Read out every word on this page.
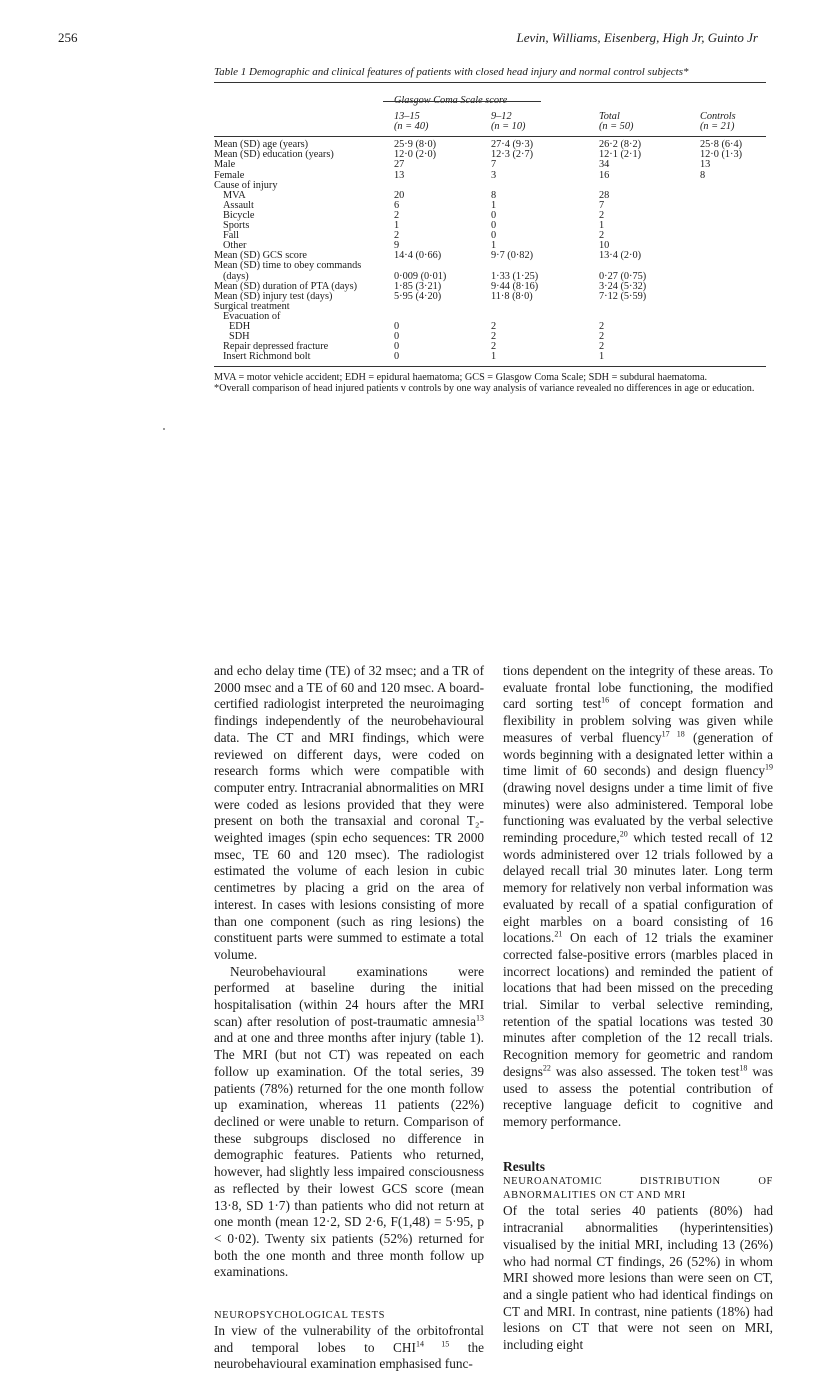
256	Levin, Williams, Eisenberg, High Jr, Guinto Jr
Table 1 Demographic and clinical features of patients with closed head injury and normal control subjects*

	13–15	9–12	Total	Controls
	(n = 40)	(n = 10)	(n = 50)	(n = 21)

Mean (SD) age (years)	25·9 (8·0)	27·4 (9·3)	26·2 (8·2)	25·8 (6·4)
Mean (SD) education (years)	12·0 (2·0)	12·3 (2·7)	12·1 (2·1)	12·0 (1·3)
Male	27	7	34	13
Female	13	3	16	8
Cause of injury				
MVA	20	8	28	
Assault	6	1	7	
Bicycle	2	0	2	
Sports	1	0	1	
Fall	2	0	2	
Other	9	1	10	
Mean (SD) GCS score	14·4 (0·66)	9·7 (0·82)	13·4 (2·0)	
Mean (SD) time to obey commands				
(days)	0·009 (0·01)	1·33 (1·25)	0·27 (0·75)	
Mean (SD) duration of PTA (days)	1·85 (3·21)	9·44 (8·16)	3·24 (5·32)	
Mean (SD) injury test (days)	5·95 (4·20)	11·8 (8·0)	7·12 (5·59)	
Surgical treatment				
Evacuation of				
EDH	0	2	2	
SDH	0	2	2	
Repair depressed fracture	0	2	2	
Insert Richmond bolt	0	1	1	
MVA = motor vehicle accident; EDH = epidural haematoma; GCS = Glasgow Coma Scale; SDH = subdural haematoma.
*Overall comparison of head injured patients v controls by one way analysis of variance revealed no differences in age or education.

and echo delay time (TE) of 32 msec; and a TR of 2000 msec and a TE of 60 and 120 msec. A board-certified radiologist interpreted the neuroimaging findings independently of the neurobehavioural data. The CT and MRI findings, which were reviewed on different days, were coded on research forms which were compatible with computer entry. Intracranial abnormalities on MRI were coded as lesions provided that they were present on both the transaxial and coronal T₂-weighted images (spin echo sequences: TR 2000 msec, TE 60 and 120 msec). The radiologist estimated the volume of each lesion in cubic centimetres by placing a grid on the area of interest. In cases with lesions consisting of more than one component (such as ring lesions) the constituent parts were summed to estimate a total volume.

Neurobehavioural examinations were performed at baseline during the initial hospitalisation (within 24 hours after the MRI scan) after resolution of post-traumatic amnesia$^{13}$ and at one and three months after injury (table 1). The MRI (but not CT) was repeated on each follow up examination. Of the total series, 39 patients (78%) returned for the one month follow up examination, whereas 11 patients (22%) declined or were unable to return. Comparison of these subgroups disclosed no difference in demographic features. Patients who returned, however, had slightly less impaired consciousness as reflected by their lowest GCS score (mean 13·8, SD 1·7) than patients who did not return at one month (mean 12·2, SD 2·6, F(1,48) = 5·95, p < 0·02). Twenty six patients (52%) returned for both the one month and three month follow up examinations.

NEUROPSYCHOLOGICAL TESTS

In view of the vulnerability of the orbitofrontal and temporal lobes to $CHI^{14 15}$ the neurobehavioural examination emphasised func-

tions dependent on the integrity of these areas. To evaluate frontal lobe functioning, the modified card sorting test$^{16}$ of concept formation and flexibility in problem solving was given while measures of verbal fluency$^{17 18}$ (generation of words beginning with a designated letter within a time limit of 60 seconds) and design fluency$^{19}$ (drawing novel designs under a time limit of five minutes) were also administered. Temporal lobe functioning was evaluated by the verbal selective reminding procedure,$^{20}$ which tested recall of 12 words administered over 12 trials followed by a delayed recall trial 30 minutes later. Long term memory for relatively non verbal information was evaluated by recall of a spatial configuration of eight marbles on a board consisting of 16 locations.$^{21}$ On each of 12 trials the examiner corrected false-positive errors (marbles placed in incorrect locations) and reminded the patient of locations that had been missed on the preceding trial. Similar to verbal selective reminding, retention of the spatial locations was tested 30 minutes after completion of the 12 recall trials. Recognition memory for geometric and random designs$^{22}$ was also assessed. The token test$^{18}$ was used to assess the potential contribution of receptive language deficit to cognitive and memory performance.

Results

NEUROANATOMIC DISTRIBUTION OF ABNORMALITIES ON CT AND MRI

Of the total series 40 patients (80%) had intracranial abnormalities (hyperintensities) visualised by the initial MRI, including 13 (26%) who had normal CT findings, 26 (52%) in whom MRI showed more lesions than were seen on CT, and a single patient who had identical findings on CT and MRI. In contrast, nine patients (18%) had lesions on CT that were not seen on MRI, including eight
